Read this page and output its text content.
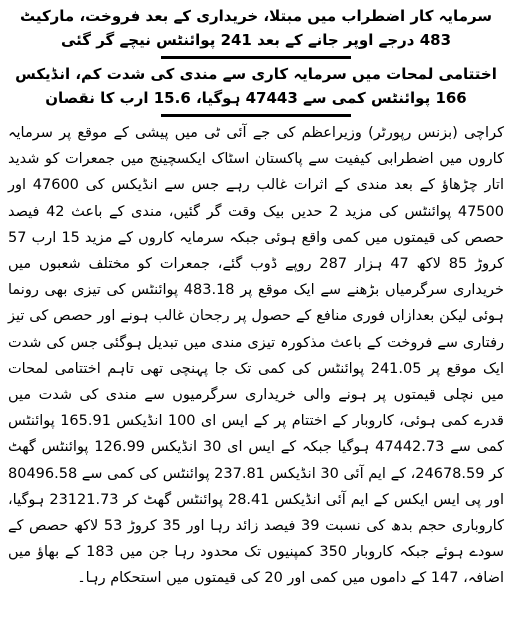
سرمایہ کار اضطراب میں مبتلا، خریداری کے بعد فروخت، مارکیٹ 483 درجے اوپر جانے کے بعد 241 پوائنٹس نیچے گر گئی

اختتامی لمحات میں سرمایہ کاری سے مندی کی شدت کم، انڈیکس 166 پوائنٹس کمی سے 47443 ہوگیا، 15.6 ارب کا نقصان

کراچی (بزنس رپورٹر) وزیراعظم کی جے آئی ٹی میں پیشی کے موقع پر سرمایہ کاروں میں اضطرابی کیفیت سے پاکستان اسٹاک ایکسچینج میں جمعرات کو شدید اتار چڑھاؤ کے بعد مندی کے اثرات غالب رہے جس سے انڈیکس کی 47600 اور 47500 پوائنٹس کی مزید 2 حدیں بیک وقت گر گئیں، مندی کے باعث 42 فیصد حصص کی قیمتوں میں کمی واقع ہوئی جبکہ سرمایہ کاروں کے مزید 15 ارب 57 کروڑ 85 لاکھ 47 ہزار 287 روپے ڈوب گئے، جمعرات کو مختلف شعبوں میں خریداری سرگرمیاں بڑھنے سے ایک موقع پر 483.18 پوائنٹس کی تیزی بھی رونما ہوئی لیکن بعدازاں فوری منافع کے حصول پر رجحان غالب ہونے اور حصص کی تیز رفتاری سے فروخت کے باعث مذکورہ تیزی مندی میں تبدیل ہوگئی جس کی شدت ایک موقع پر 241.05 پوائنٹس کی کمی تک جا پہنچی تھی تاہم اختتامی لمحات میں نچلی قیمتوں پر ہونے والی خریداری سرگرمیوں سے مندی کی شدت میں قدرے کمی ہوئی، کاروبار کے اختتام پر کے ایس ای 100 انڈیکس 165.91 پوائنٹس کمی سے 47442.73 ہوگیا جبکہ کے ایس ای 30 انڈیکس 126.99 پوائنٹس گھٹ کر 24678.59، کے ایم آئی 30 انڈیکس 237.81 پوائنٹس کی کمی سے 80496.58 اور پی ایس ایکس کے ایم آئی انڈیکس 28.41 پوائنٹس گھٹ کر 23121.73 ہوگیا، کاروباری حجم بدھ کی نسبت 39 فیصد زائد رہا اور 35 کروڑ 53 لاکھ حصص کے سودے ہوئے جبکہ کاروبار 350 کمپنیوں تک محدود رہا جن میں 183 کے بھاؤ میں اضافہ، 147 کے داموں میں کمی اور 20 کی قیمتوں میں استحکام رہا۔
